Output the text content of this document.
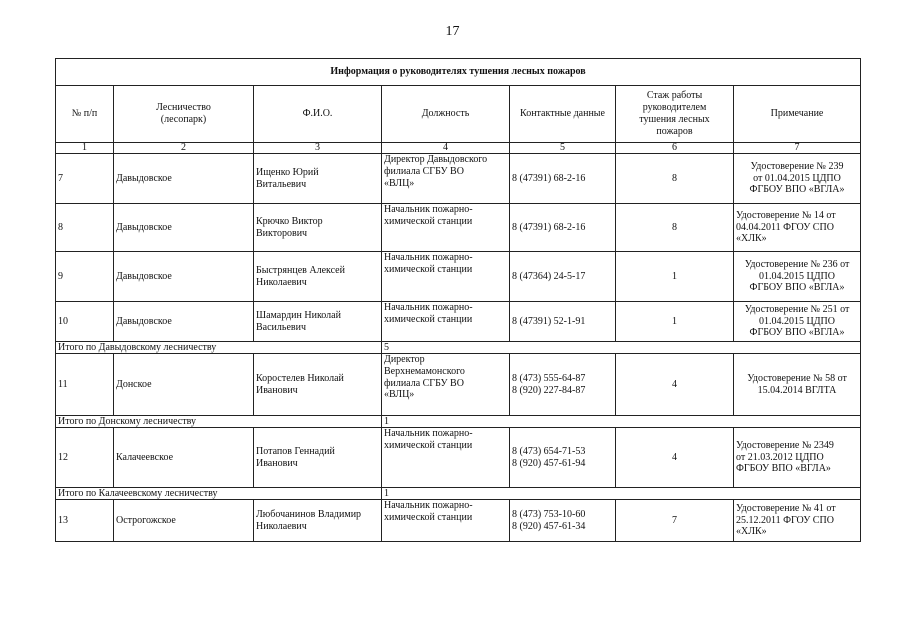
17
Информация о руководителях тушения лесных пожаров						
№ п/п	Лесничество
(лесопарк)	Ф.И.О.	Должность	Контактные данные	Стаж работы
руководителем
тушения лесных
пожаров	Примечание
1	2	3	4	5	6	7
7	Давыдовское	Ищенко Юрий
Витальевич	Директор Давыдовского
филиала СГБУ ВО
«ВЛЦ»	8 (47391) 68-2-16	8	Удостоверение № 239
от 01.04.2015 ЦДПО
ФГБОУ ВПО «ВГЛА»
8	Давыдовское	Крючко Виктор
Викторович	Начальник пожарно-
химической станции	8 (47391) 68-2-16	8	Удостоверение № 14 от
04.04.2011 ФГОУ СПО
«ХЛК»
9	Давыдовское	Быстрянцев Алексей
Николаевич	Начальник пожарно-
химической станции	8 (47364) 24-5-17	1	Удостоверение № 236 от
01.04.2015 ЦДПО
ФГБОУ ВПО «ВГЛА»
10	Давыдовское	Шамардин Николай
Васильевич	Начальник пожарно-
химической станции	8 (47391) 52-1-91	1	Удостоверение № 251 от
01.04.2015 ЦДПО
ФГБОУ ВПО «ВГЛА»
Итого по Давыдовскому лесничеству			5			
11	Донское	Коростелев Николай
Иванович	Директор
Верхнемамонского
филиала СГБУ ВО
«ВЛЦ»	8 (473) 555-64-87
8 (920) 227-84-87	4	Удостоверение № 58 от
15.04.2014 ВГЛТА
Итого по Донскому лесничеству			1			
12	Калачеевское	Потапов Геннадий
Иванович	Начальник пожарно-
химической станции	8 (473) 654-71-53
8 (920) 457-61-94	4	Удостоверение № 2349
от 21.03.2012 ЦДПО
ФГБОУ ВПО «ВГЛА»
Итого по Калачеевскому лесничеству			1			
13	Острогожское	Любочанинов Владимир
Николаевич	Начальник пожарно-
химической станции	8 (473) 753-10-60
8 (920) 457-61-34	7	Удостоверение № 41 от
25.12.2011 ФГОУ СПО
«ХЛК»
